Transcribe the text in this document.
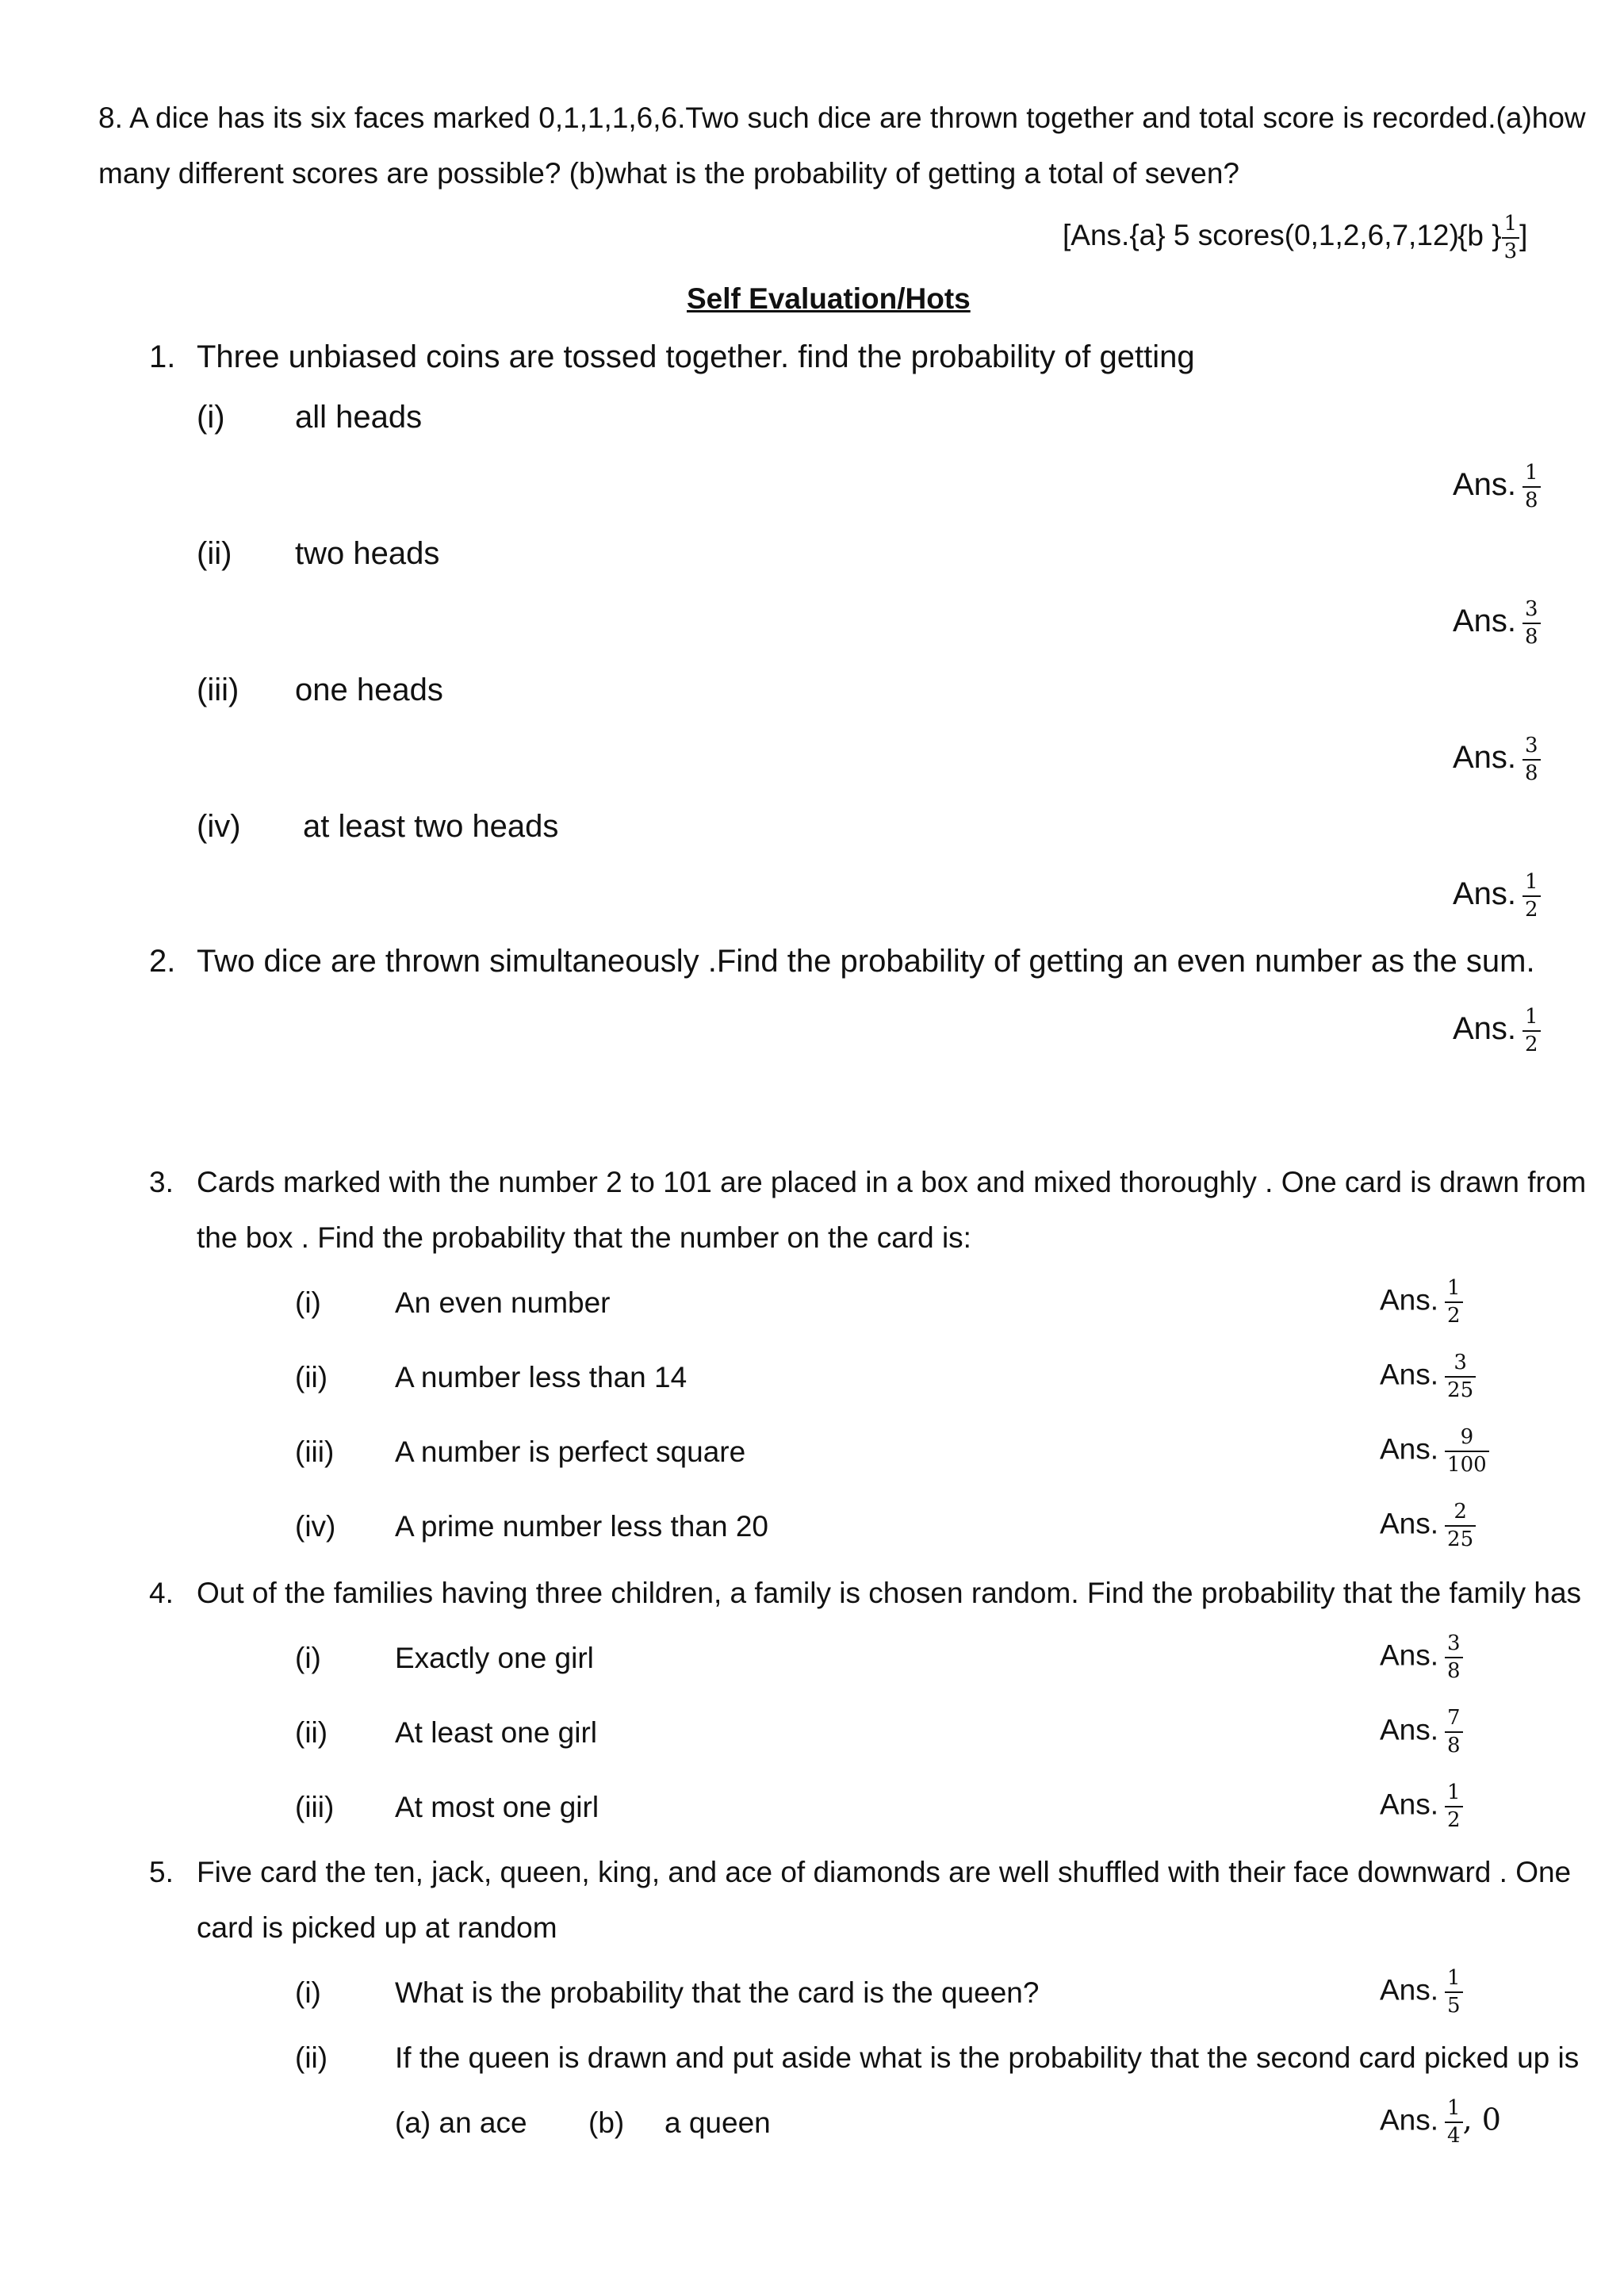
8. A dice has its six faces marked 0,1,1,1,6,6.Two such dice are thrown together and total score is recorded.(a)how
many different scores are possible? (b)what is the probability of getting a total of seven?
[Ans.{a} 5 scores(0,1,2,6,7,12)
{b } $\frac{1}{3}$ ]
Self Evaluation/Hots
1. Three unbiased coins are tossed together. find the probability of getting
(i) all heads
Ans. $\frac{1}{8}$
(ii) two heads
Ans. $\frac{3}{8}$
(iii) one heads
Ans. $\frac{3}{8}$
(iv) at least two heads
Ans. $\frac{1}{2}$
2. Two dice are thrown simultaneously .Find the probability of getting an even number as the sum.
Ans. $\frac{1}{2}$
3. Cards marked with the number 2 to 101 are placed in a box and mixed thoroughly . One card is drawn from
the box . Find the probability that the number on the card is:
(i)	An even number	Ans. $\frac{1}{2}$
(ii) A number less than 14	Ans. $\frac{3}{25}$
(iii) A number is perfect square	Ans. $\frac{9}{100}$
(iv) A prime number less than 20	Ans. $\frac{2}{25}$
4. Out of the families having three children, a family is chosen random. Find the probability that the family has
(i)	Exactly one girl	Ans. $\frac{3}{8}$
(ii) At least one girl	Ans. $\frac{7}{8}$
(iii) At most one girl	Ans. $\frac{1}{2}$
5. Five card the ten, jack, queen, king, and ace of diamonds are well shuffled with their face downward . One
card is picked up at random
(i)	What is the probability that the card is the queen?	Ans. $\frac{1}{5}$
(ii) If the queen is drawn and put aside what is the probability that the second card picked up is
(a) an ace (b) a queen	Ans. $\frac{1}{4}$ , 0
